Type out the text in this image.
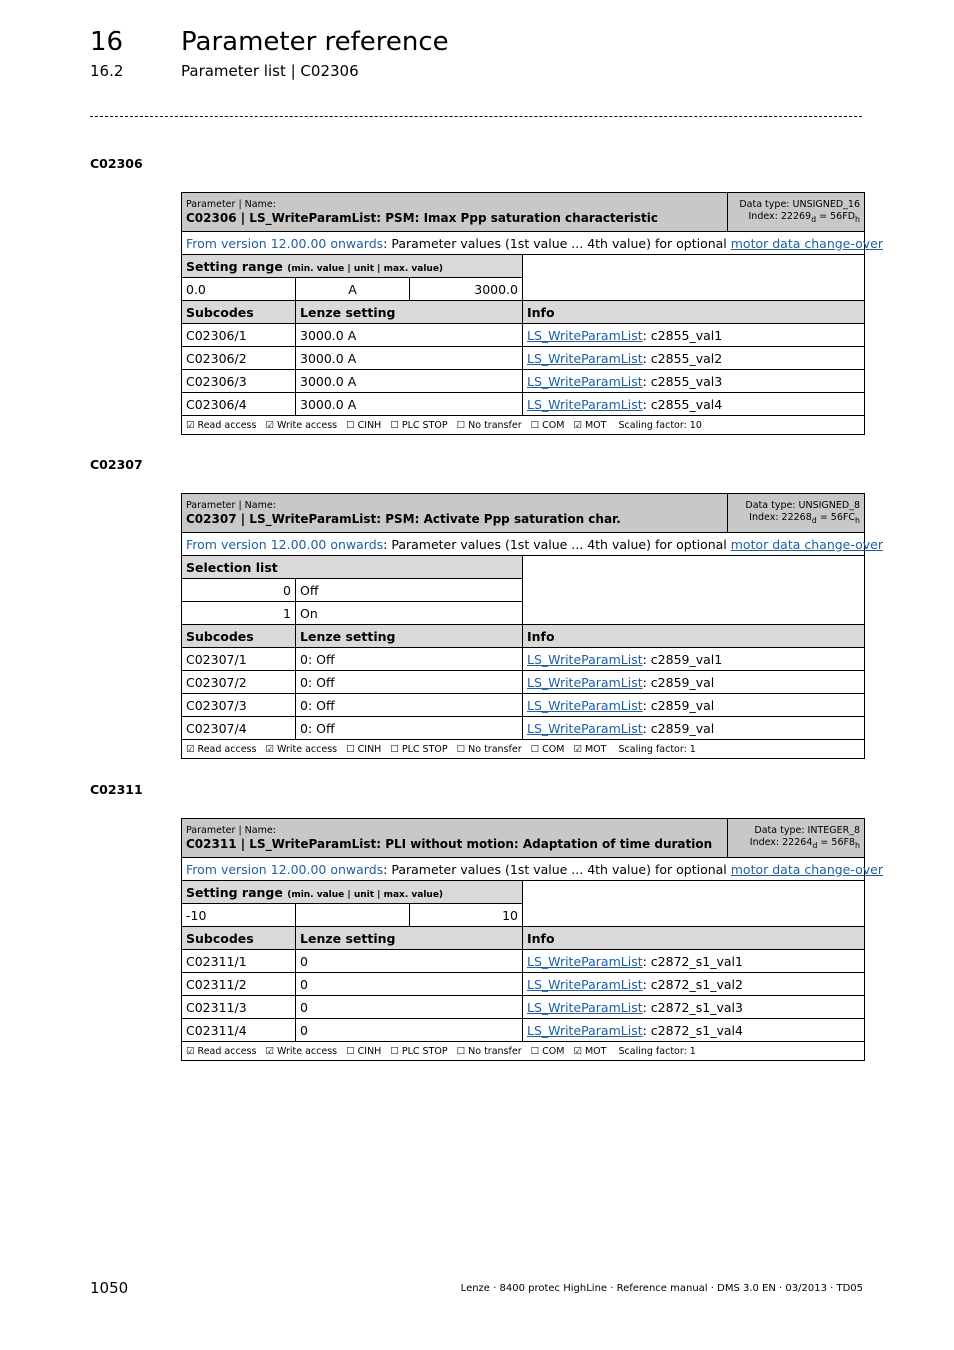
16 Parameter reference
16.2	Parameter list | C02306
C02306
Parameter | Name:
C02306 | LS_WriteParamList: PSM: Imax Ppp saturation characteristic				Data type: UNSIGNED_16
Index: $22269_d = 56FD_h$
From version 12.00.00 onwards: Parameter values (1st value ... 4th value) for optional motor data change-over				
Setting range (min. value | unit | max. value)				
0.0	A	3000.0		
Subcodes	Lenze setting		Info	
C02306/1	3000.0 A		LS_WriteParamList: c2855_val1	
C02306/2	3000.0 A		LS_WriteParamList: c2855_val2	
C02306/3	3000.0 A		LS_WriteParamList: c2855_val3	
C02306/4	3000.0 A		LS_WriteParamList: c2855_val4	
☑ Read access ☑ Write access ☐ CINH ☐ PLC STOP ☐ No transfer ☐ COM ☑ MOT Scaling factor: 10				
C02307
Parameter | Name:
C02307 | LS_WriteParamList: PSM: Activate Ppp saturation char.			Data type: UNSIGNED_8
Index: $22268_d = 56FC_h$
From version 12.00.00 onwards: Parameter values (1st value ... 4th value) for optional motor data change-over			
Selection list			
0	Off		
1	On		
Subcodes	Lenze setting	Info	
C02307/1	0: Off	LS_WriteParamList: c2859_val1	
C02307/2	0: Off	LS_WriteParamList: c2859_val	
C02307/3	0: Off	LS_WriteParamList: c2859_val	
C02307/4	0: Off	LS_WriteParamList: c2859_val	
☑ Read access ☑ Write access ☐ CINH ☐ PLC STOP ☐ No transfer ☐ COM ☑ MOT Scaling factor: 1			
C02311
Parameter | Name:
C02311 | LS_WriteParamList: PLI without motion: Adaptation of time duration				Data type: INTEGER_8
Index: $22264_d = 56F8_h$
From version 12.00.00 onwards: Parameter values (1st value ... 4th value) for optional motor data change-over				
Setting range (min. value | unit | max. value)				
-10		10		
Subcodes	Lenze setting		Info	
C02311/1	0		LS_WriteParamList: c2872_s1_val1	
C02311/2	0		LS_WriteParamList: c2872_s1_val2	
C02311/3	0		LS_WriteParamList: c2872_s1_val3	
C02311/4	0		LS_WriteParamList: c2872_s1_val4	
☑ Read access ☑ Write access ☐ CINH ☐ PLC STOP ☐ No transfer ☐ COM ☑ MOT Scaling factor: 1				
1050	Lenze · 8400 protec HighLine · Reference manual · DMS 3.0 EN · 03/2013 · TD05
